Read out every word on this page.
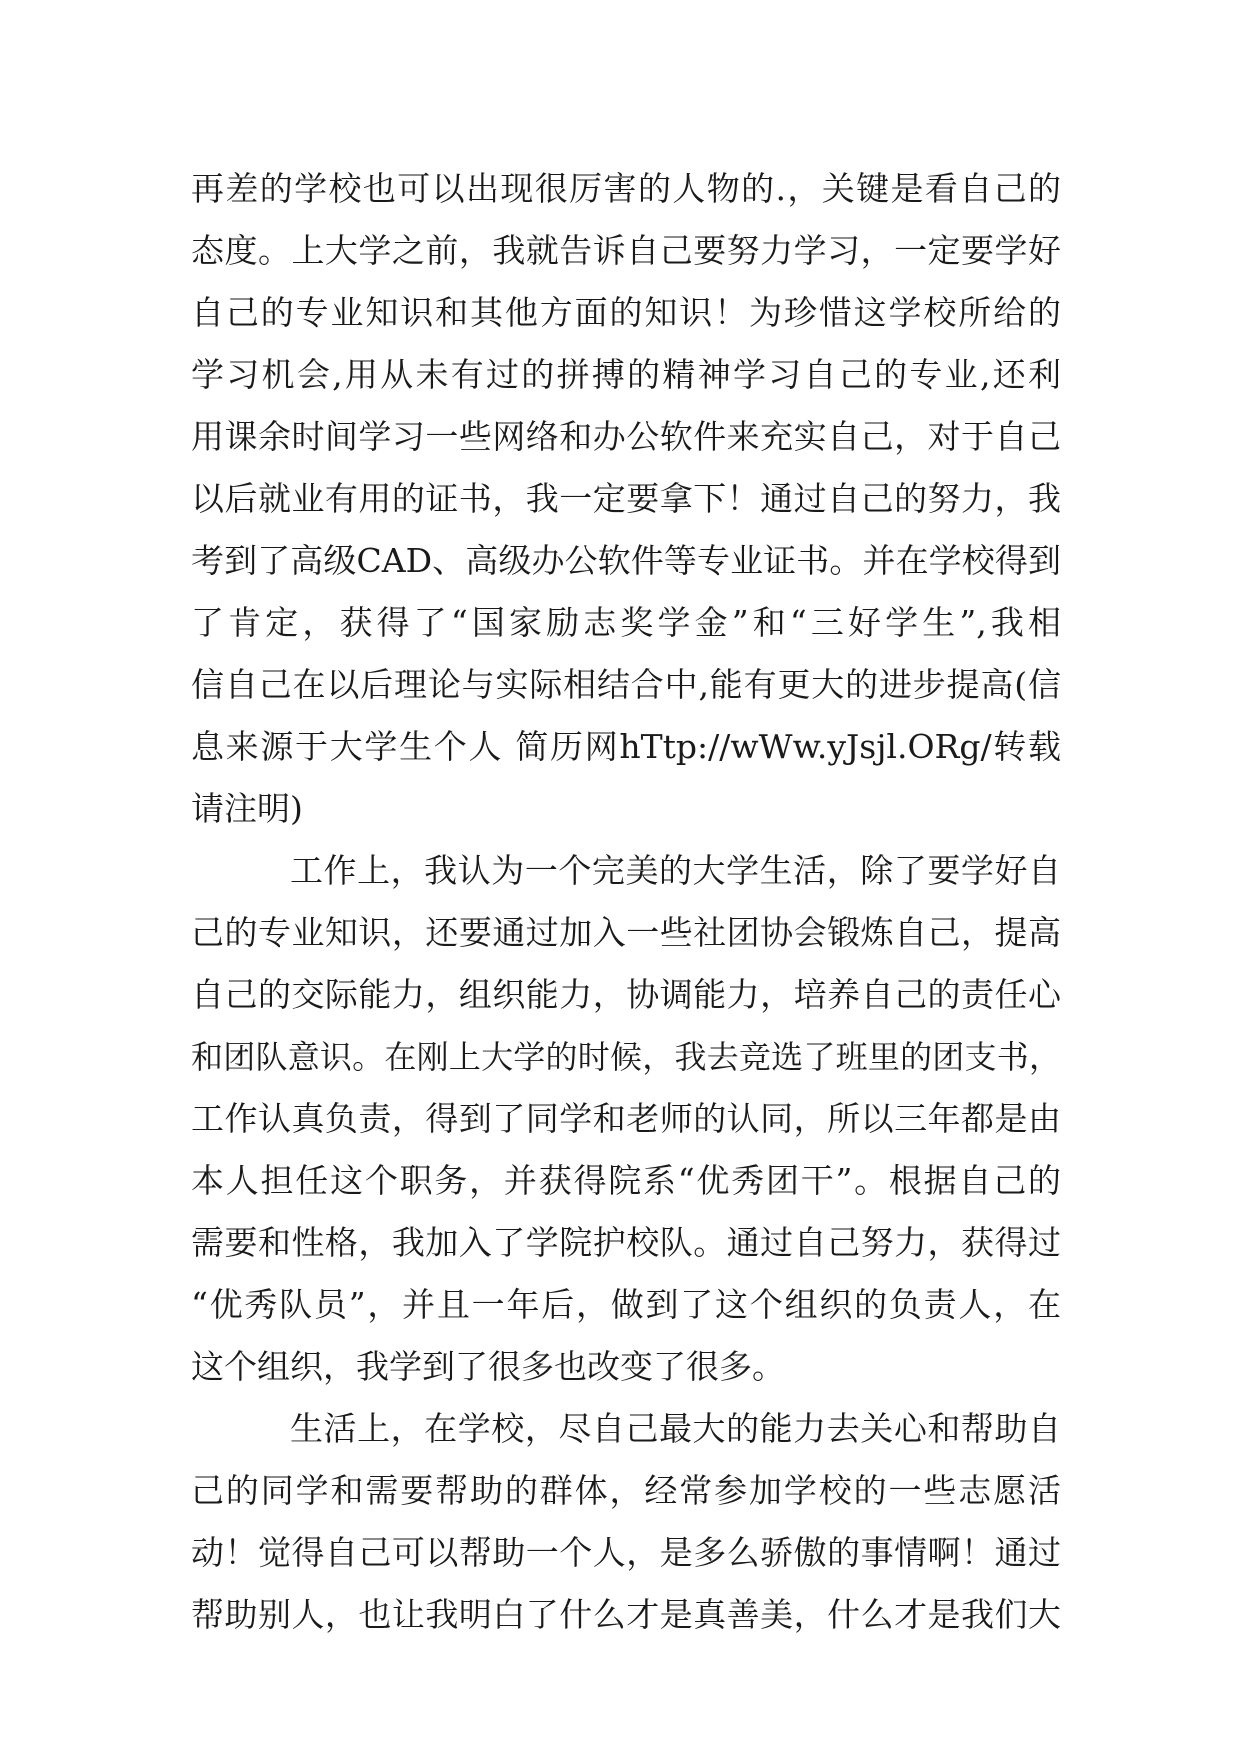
再差的学校也可以出现很厉害的人物的.，关键是看自己的
态度。上大学之前，我就告诉自己要努力学习，一定要学好
自己的专业知识和其他方面的知识！为珍惜这学校所给的
学习机会,用从未有过的拼搏的精神学习自己的专业,还利
用课余时间学习一些网络和办公软件来充实自己，对于自己
以后就业有用的证书，我一定要拿下！通过自己的努力，我
考到了高级CAD、高级办公软件等专业证书。并在学校得到
了肯定，获得了“国家励志奖学金”和“三好学生”,我相
信自己在以后理论与实际相结合中,能有更大的进步提高(信
息来源于大学生个人 简历网hTtp://wWw.yJsjl.ORg/转载
请注明)
工作上，我认为一个完美的大学生活，除了要学好自
己的专业知识，还要通过加入一些社团协会锻炼自己，提高
自己的交际能力，组织能力，协调能力，培养自己的责任心
和团队意识。在刚上大学的时候，我去竞选了班里的团支书，
工作认真负责，得到了同学和老师的认同，所以三年都是由
本人担任这个职务，并获得院系“优秀团干”。根据自己的
需要和性格，我加入了学院护校队。通过自己努力，获得过
“优秀队员”，并且一年后，做到了这个组织的负责人，在
这个组织，我学到了很多也改变了很多。
生活上，在学校，尽自己最大的能力去关心和帮助自
己的同学和需要帮助的群体，经常参加学校的一些志愿活
动！觉得自己可以帮助一个人，是多么骄傲的事情啊！通过
帮助别人，也让我明白了什么才是真善美，什么才是我们大
